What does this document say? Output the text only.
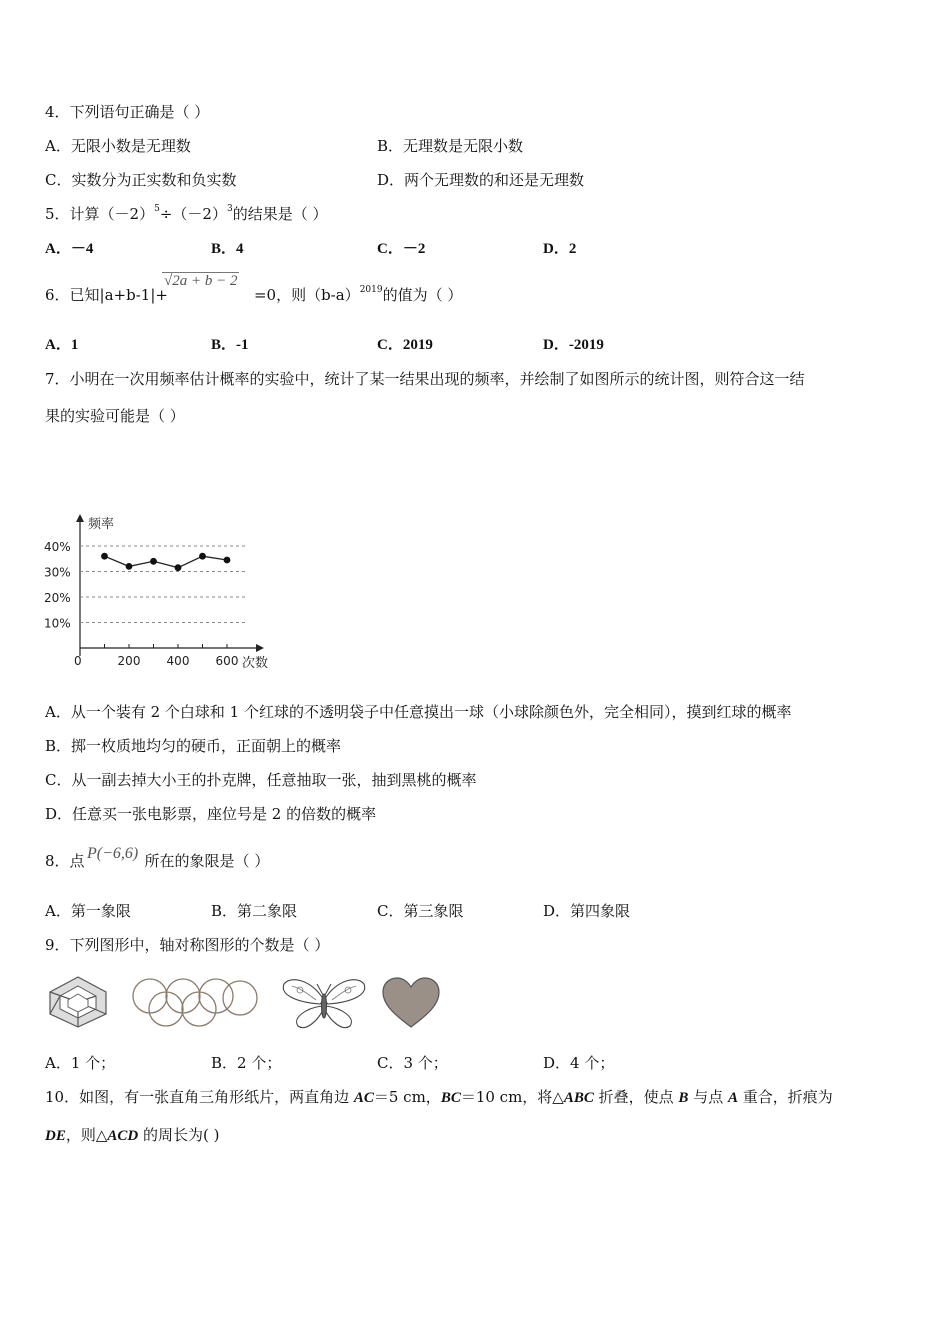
4．下列语句正确是（ ）
A．无限小数是无理数	B．无理数是无限小数
C．实数分为正实数和负实数	D．两个无理数的和还是无理数
5．计算$(-2)^5\div(-2)^3$的结果是（ ）
A．－4	B．4	C．－2	D．2
6．已知|a+b-1|+	=0，则$(b-a)^{2019}$的值为（ ）
√2a + b − 2
A．1	B．-1	C．2019	D．-2019
7．小明在一次用频率估计概率的实验中，统计了某一结果出现的频率，并绘制了如图所示的统计图，则符合这一结
果的实验可能是（ ）
频率
次数
0
10%
20%
30%
40%
200 400 600
A．从一个装有 2 个白球和 1 个红球的不透明袋子中任意摸出一球（小球除颜色外，完全相同），摸到红球的概率
B．掷一枚质地均匀的硬币，正面朝上的概率
C．从一副去掉大小王的扑克牌，任意抽取一张，抽到黑桃的概率
D．任意买一张电影票，座位号是 2 的倍数的概率
8．点	所在的象限是（ ）
P(−6,6)
A．第一象限	B．第二象限	C．第三象限	D．第四象限
9．下列图形中，轴对称图形的个数是（ ）
A．1 个；	B．2 个；	C．3 个；	D．4 个；
10．如图，有一张直角三角形纸片，两直角边 AC＝5 cm，BC＝10 cm，将△ABC 折叠，使点 B 与点 A 重合，折痕为
DE，则△ACD 的周长为( )
